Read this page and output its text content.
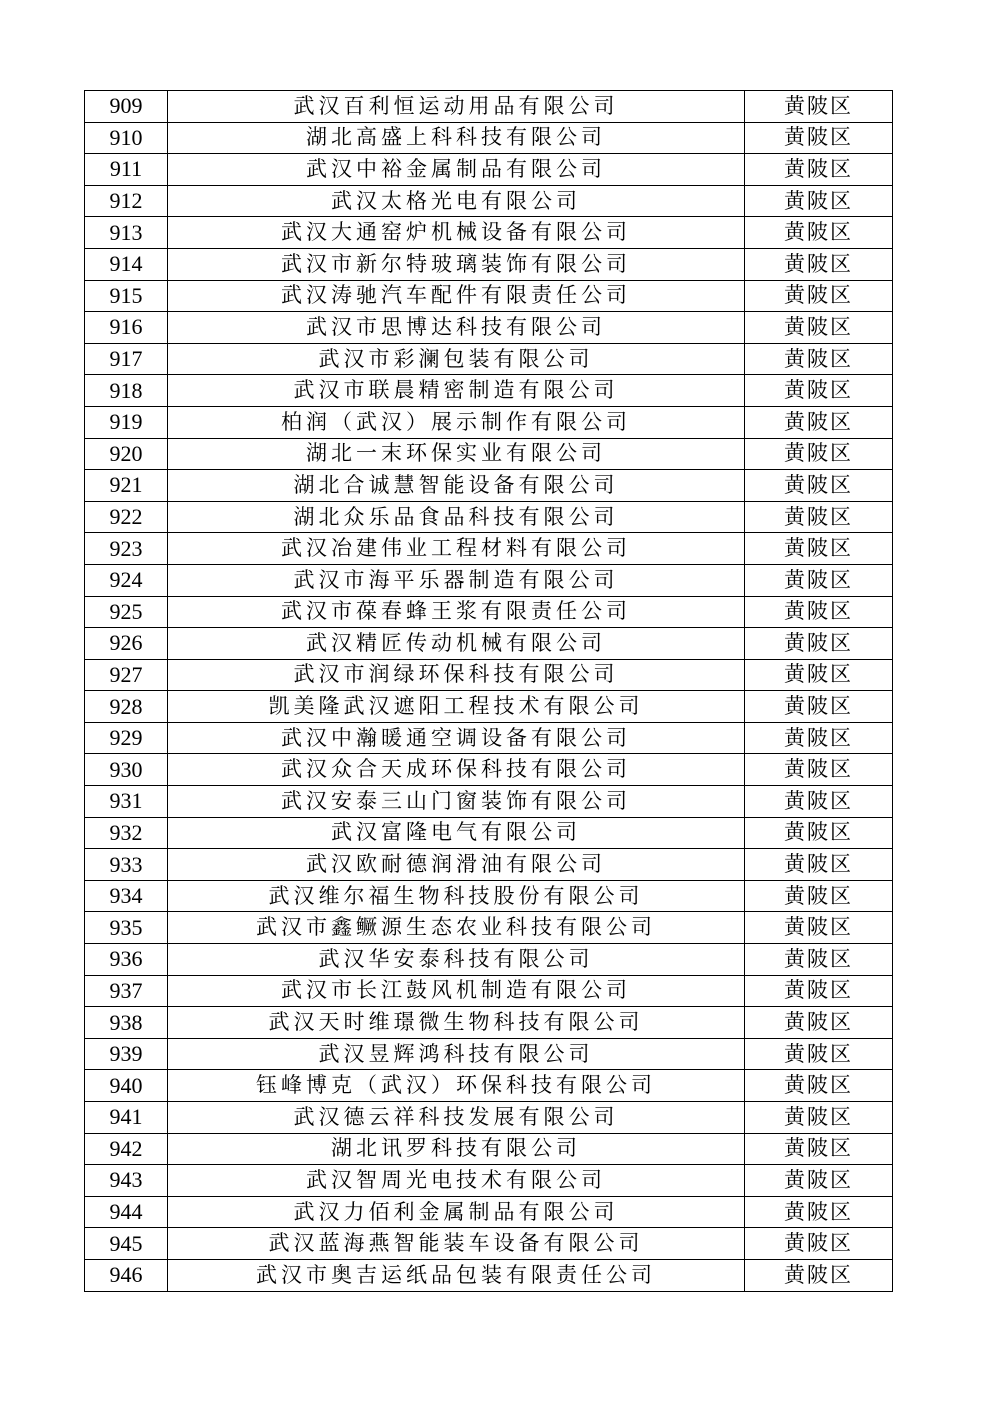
909	武汉百利恒运动用品有限公司	黄陂区
910	湖北高盛上科科技有限公司	黄陂区
911	武汉中裕金属制品有限公司	黄陂区
912	武汉太格光电有限公司	黄陂区
913	武汉大通窑炉机械设备有限公司	黄陂区
914	武汉市新尔特玻璃装饰有限公司	黄陂区
915	武汉涛驰汽车配件有限责任公司	黄陂区
916	武汉市思博达科技有限公司	黄陂区
917	武汉市彩澜包装有限公司	黄陂区
918	武汉市联晨精密制造有限公司	黄陂区
919	柏润（武汉）展示制作有限公司	黄陂区
920	湖北一末环保实业有限公司	黄陂区
921	湖北合诚慧智能设备有限公司	黄陂区
922	湖北众乐品食品科技有限公司	黄陂区
923	武汉冶建伟业工程材料有限公司	黄陂区
924	武汉市海平乐器制造有限公司	黄陂区
925	武汉市葆春蜂王浆有限责任公司	黄陂区
926	武汉精匠传动机械有限公司	黄陂区
927	武汉市润绿环保科技有限公司	黄陂区
928	凯美隆武汉遮阳工程技术有限公司	黄陂区
929	武汉中瀚暖通空调设备有限公司	黄陂区
930	武汉众合天成环保科技有限公司	黄陂区
931	武汉安泰三山门窗装饰有限公司	黄陂区
932	武汉富隆电气有限公司	黄陂区
933	武汉欧耐德润滑油有限公司	黄陂区
934	武汉维尔福生物科技股份有限公司	黄陂区
935	武汉市鑫鳜源生态农业科技有限公司	黄陂区
936	武汉华安泰科技有限公司	黄陂区
937	武汉市长江鼓风机制造有限公司	黄陂区
938	武汉天时维璟微生物科技有限公司	黄陂区
939	武汉昱辉鸿科技有限公司	黄陂区
940	钰峰博克（武汉）环保科技有限公司	黄陂区
941	武汉德云祥科技发展有限公司	黄陂区
942	湖北讯罗科技有限公司	黄陂区
943	武汉智周光电技术有限公司	黄陂区
944	武汉力佰利金属制品有限公司	黄陂区
945	武汉蓝海燕智能装车设备有限公司	黄陂区
946	武汉市奥吉运纸品包装有限责任公司	黄陂区
